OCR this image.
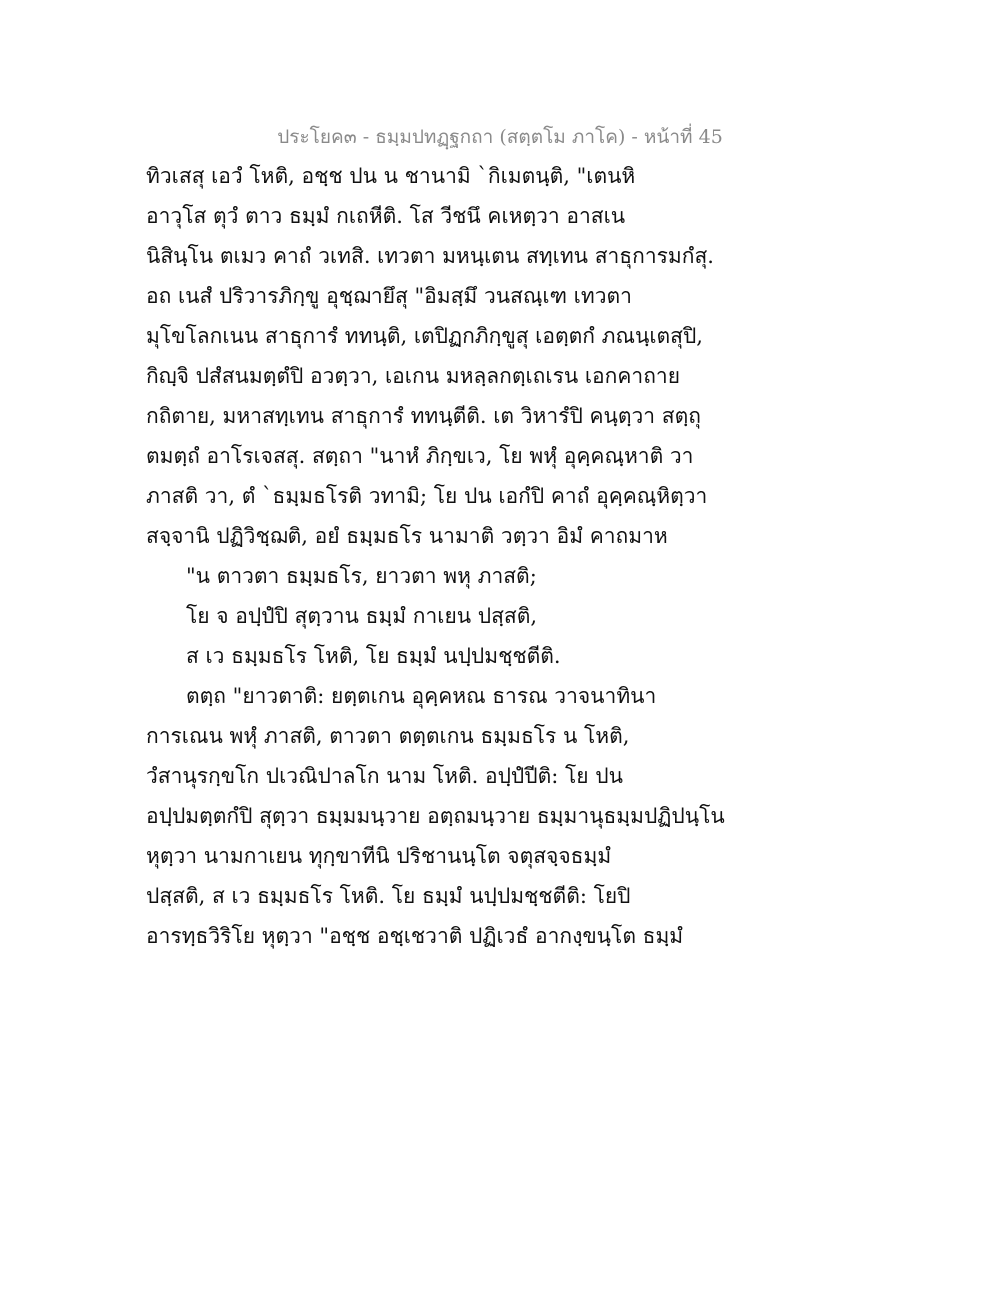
ประโยค๓ - ธมฺมปทฏฺฐกถา (สตฺตโม ภาโค) - หน้าที่ 45
ทิวเสสุ เอวํ โหติ, อชฺช ปน น ชานามิ `กิเมตนฺติ, "เตนหิ
อาวุโส ตุวํ ตาว ธมฺมํ กเถหีติ. โส วีชนึ คเหตฺวา อาสเน
นิสินฺโน ตเมว คาถํ วเทสิ. เทวตา มหนฺเตน สทฺเทน สาธุการมกํสุ.
อถ เนสํ ปริวารภิกฺขู อุชฺฌายึสุ "อิมสฺมึ วนสณฺเฑ เทวตา
มุโขโลกเนน สาธุการํ ททนฺติ, เตปิฏกภิกฺขูสุ เอตฺตกํ ภณนฺเตสุปิ,
กิญฺจิ ปสํสนมตฺตํปิ อวตฺวา, เอเกน มหลฺลกตฺเถเรน เอกคาถาย
กถิตาย, มหาสทฺเทน สาธุการํ ททนฺตีติ. เต วิหารํปิ คนฺตฺวา สตฺถุ
ตมตฺถํ อาโรเจสสุ. สตฺถา "นาหํ ภิกฺขเว, โย พหุํ อุคฺคณฺหาติ วา
ภาสติ วา, ตํ `ธมฺมธโรติ วทามิ; โย ปน เอกํปิ คาถํ อุคฺคณฺหิตฺวา
สจฺจานิ ปฏิวิชฺฌติ, อยํ ธมฺมธโร นามาติ วตฺวา อิมํ คาถมาห
"น ตาวตา ธมฺมธโร, ยาวตา พหุ ภาสติ;
โย จ อปฺปํปิ สุตฺวาน ธมฺมํ กาเยน ปสฺสติ,
ส เว ธมฺมธโร โหติ, โย ธมฺมํ นปฺปมชฺชตีติ.
ตตฺถ "ยาวตาติ: ยตฺตเกน อุคฺคหณ ธารณ วาจนาทินา
การเณน พหุํ ภาสติ, ตาวตา ตตฺตเกน ธมฺมธโร น โหติ,
วํสานุรกฺขโก ปเวณิปาลโก นาม โหติ. อปฺปํปีติ: โย ปน
อปฺปมตฺตกํปิ สุตฺวา ธมฺมมนฺวาย อตฺถมนฺวาย ธมฺมานุธมฺมปฏิปนฺโน
หุตฺวา นามกาเยน ทุกฺขาทีนิ ปริชานนฺโต จตุสจฺจธมฺมํ
ปสฺสติ, ส เว ธมฺมธโร โหติ. โย ธมฺมํ นปฺปมชฺชตีติ: โยปิ
อารทฺธวิริโย หุตฺวา "อชฺช อชฺเชวาติ ปฏิเวธํ อากงฺขนฺโต ธมฺมํ
